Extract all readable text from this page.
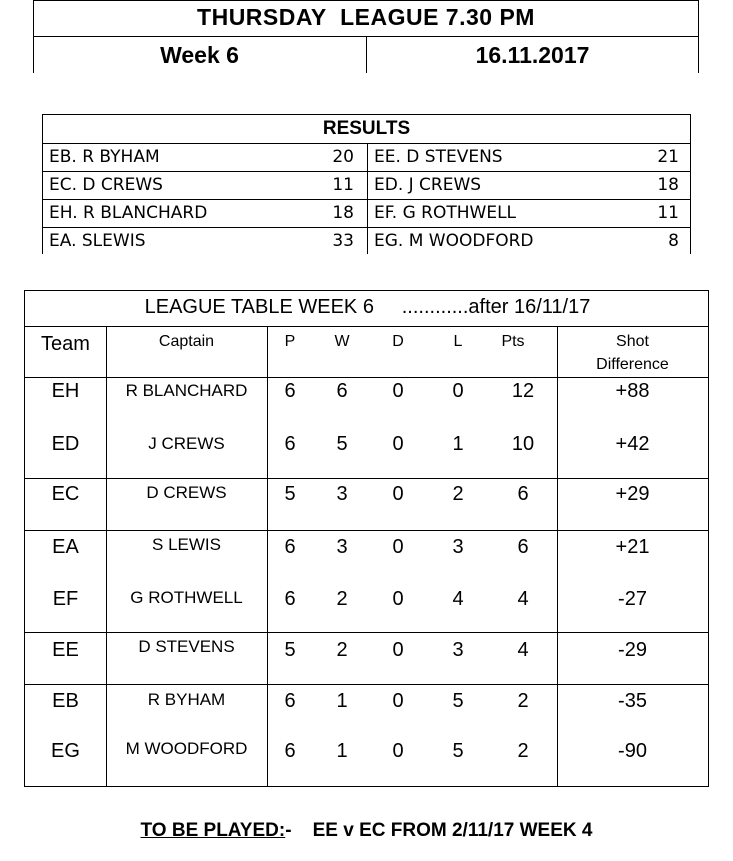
THURSDAY  LEAGUE 7.30 PM
Week 6	16.11.2017
RESULTS
EB. R BYHAM	20 EE. D STEVENS	21
EC. D CREWS	11 ED. J CREWS	18
EH. R BLANCHARD	18 EF. G ROTHWELL	11
EA. SLEWIS	33 EG. M WOODFORD	8
LEAGUE TABLE WEEK 6     ............after 16/11/17
Team	Captain	P	W	D	L	Pts	Shot
Difference
EH	R BLANCHARD	6	6	0	0	12	+88
ED	J CREWS	6	5	0	1	10	+42
EC	D CREWS	5	3	0	2	6	+29
EA	S LEWIS	6	3	0	3	6	+21
EF	G ROTHWELL	6	2	0	4	4	-27
EE	D STEVENS	5	2	0	3	4	-29
EB	R BYHAM	6	1	0	5	2	-35
EG	M WOODFORD	6	1	0	5	2	-90
TO BE PLAYED:-    EE v EC FROM 2/11/17 WEEK 4
